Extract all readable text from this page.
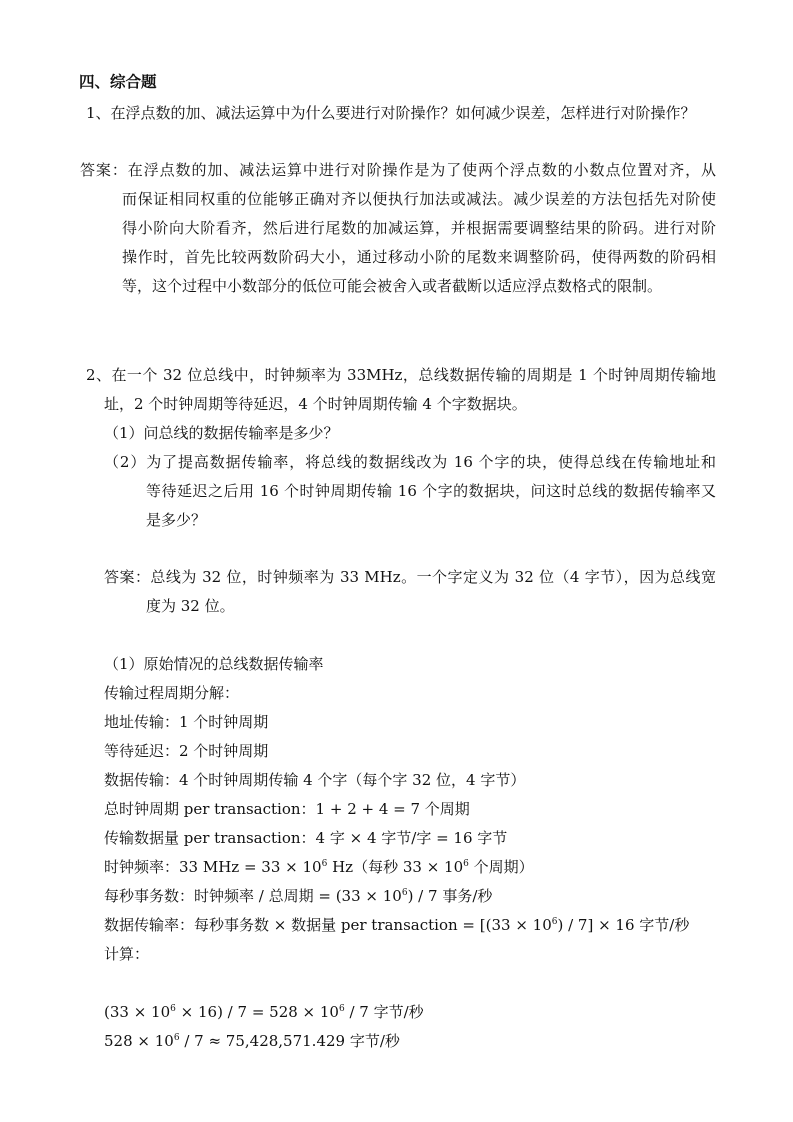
四、综合题
1、在浮点数的加、减法运算中为什么要进行对阶操作？如何减少误差，怎样进行对阶操作？
答案：在浮点数的加、减法运算中进行对阶操作是为了使两个浮点数的小数点位置对齐，从
而保证相同权重的位能够正确对齐以便执行加法或减法。减少误差的方法包括先对阶使
得小阶向大阶看齐，然后进行尾数的加减运算，并根据需要调整结果的阶码。进行对阶
操作时，首先比较两数阶码大小，通过移动小阶的尾数来调整阶码，使得两数的阶码相
等，这个过程中小数部分的低位可能会被舍入或者截断以适应浮点数格式的限制。
2、在一个 32 位总线中，时钟频率为 33MHz，总线数据传输的周期是 1 个时钟周期传输地
址，2 个时钟周期等待延迟，4 个时钟周期传输 4 个字数据块。
（1）问总线的数据传输率是多少？
（2）为了提高数据传输率，将总线的数据线改为 16 个字的块，使得总线在传输地址和
等待延迟之后用 16 个时钟周期传输 16 个字的数据块，问这时总线的数据传输率又
是多少？
答案：总线为 32 位，时钟频率为 33 MHz。一个字定义为 32 位（4 字节），因为总线宽
度为 32 位。
（1）原始情况的总线数据传输率
传输过程周期分解：
地址传输：1 个时钟周期
等待延迟：2 个时钟周期
数据传输：4 个时钟周期传输 4 个字（每个字 32 位，4 字节）
总时钟周期 per transaction：1 + 2 + 4 = 7 个周期
传输数据量 per transaction：4 字 × 4 字节/字 = 16 字节
时钟频率：33 MHz = $33 \times 10^6$ Hz（每秒 $33 \times 10^6$ 个周期）
每秒事务数：时钟频率 / 总周期 = $(33 \times 10^6) / 7$ 事务/秒
数据传输率：每秒事务数 × 数据量 per transaction = $[(33 \times 10^6) / 7] \times 16$ 字节/秒
计算：
$(33 \times 10^6 \times 16) / 7 = 528 \times 10^6 / 7$ 字节/秒
$528 \times 10^6 / 7 \approx 75,428,571.429$ 字节/秒
